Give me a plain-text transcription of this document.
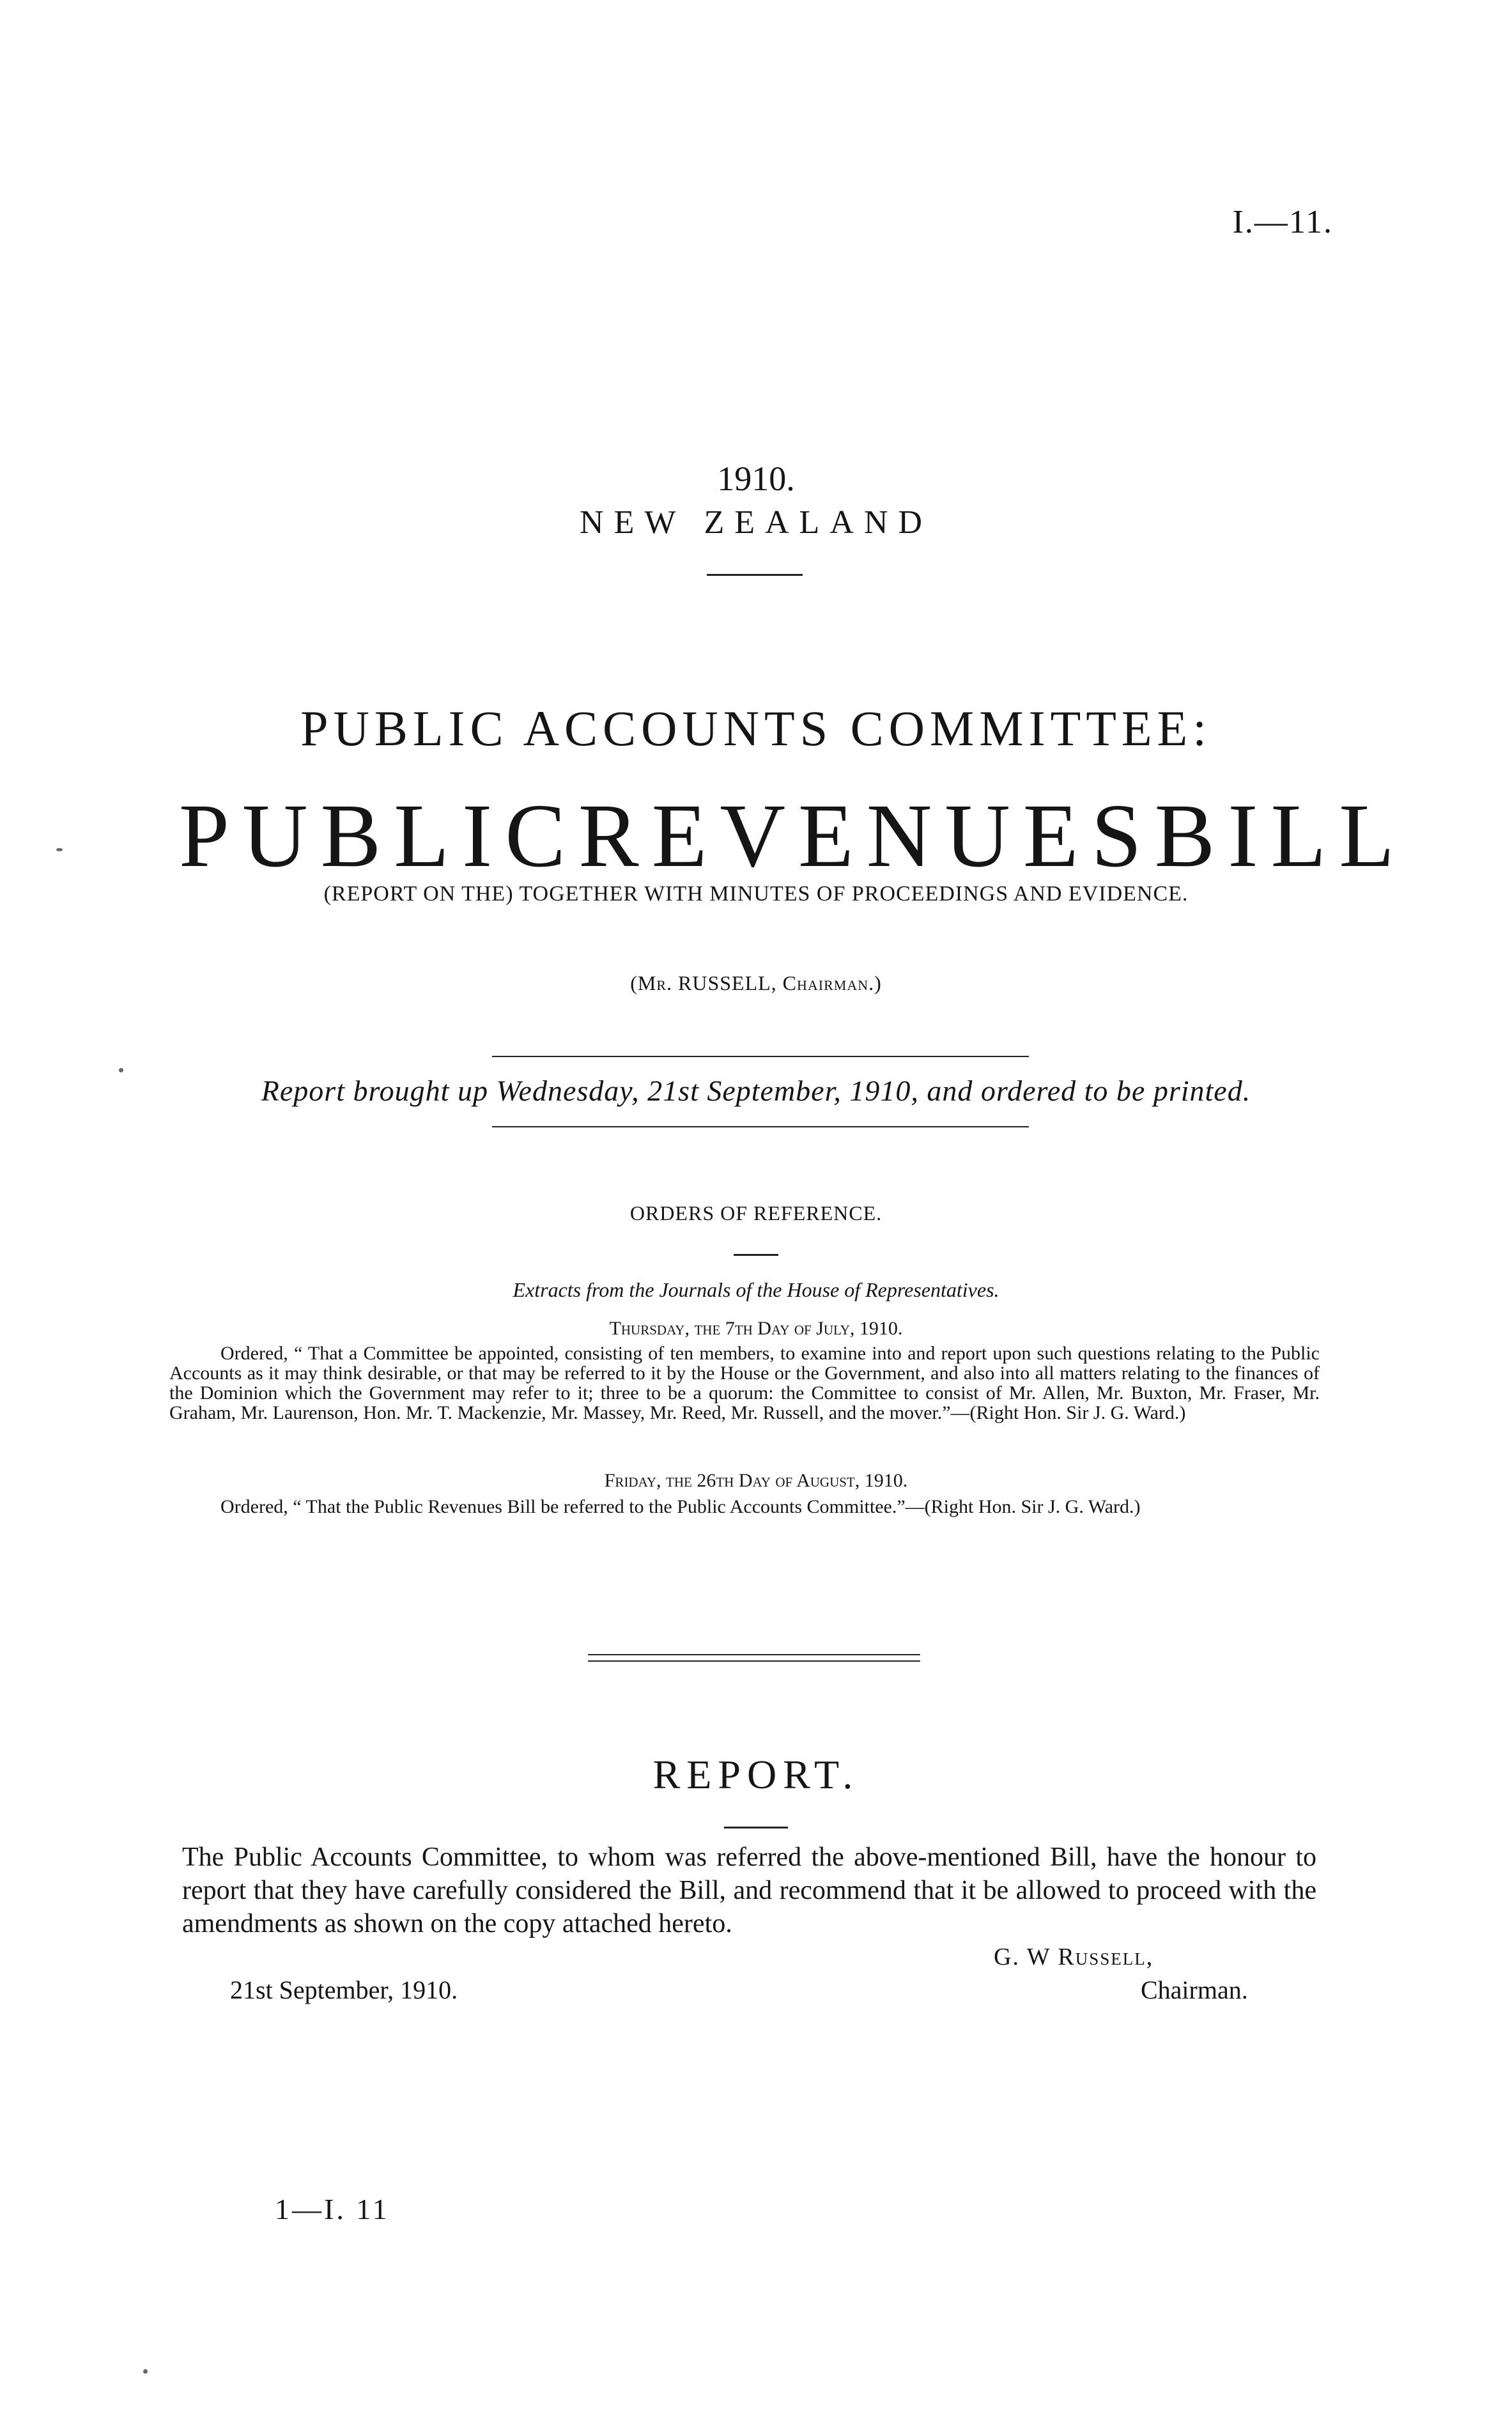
I.—11.
1910.
NEW ZEALAND
PUBLIC ACCOUNTS COMMITTEE:
PUBLIC REVENUES BILL
(REPORT ON THE) TOGETHER WITH MINUTES OF PROCEEDINGS AND EVIDENCE.
(Mr. RUSSELL, Chairman.)
Report brought up Wednesday, 21st September, 1910, and ordered to be printed.
ORDERS OF REFERENCE.
Extracts from the Journals of the House of Representatives.
Thursday, the 7th Day of July, 1910.
Ordered, “ That a Committee be appointed, consisting of ten members, to examine into and report upon such questions relating to the Public Accounts as it may think desirable, or that may be referred to it by the House or the Government, and also into all matters relating to the finances of the Dominion which the Government may refer to it; three to be a quorum: the Committee to consist of Mr. Allen, Mr. Buxton, Mr. Fraser, Mr. Graham, Mr. Laurenson, Hon. Mr. T. Mackenzie, Mr. Massey, Mr. Reed, Mr. Russell, and the mover.”—(Right Hon. Sir J. G. Ward.)
Friday, the 26th Day of August, 1910.
Ordered, “ That the Public Revenues Bill be referred to the Public Accounts Committee.”—(Right Hon. Sir J. G. Ward.)
REPORT.
The Public Accounts Committee, to whom was referred the above-mentioned Bill, have the honour to report that they have carefully considered the Bill, and recommend that it be allowed to proceed with the amendments as shown on the copy attached hereto.
G. W Russell,
Chairman.
21st September, 1910.
1—I. 11
